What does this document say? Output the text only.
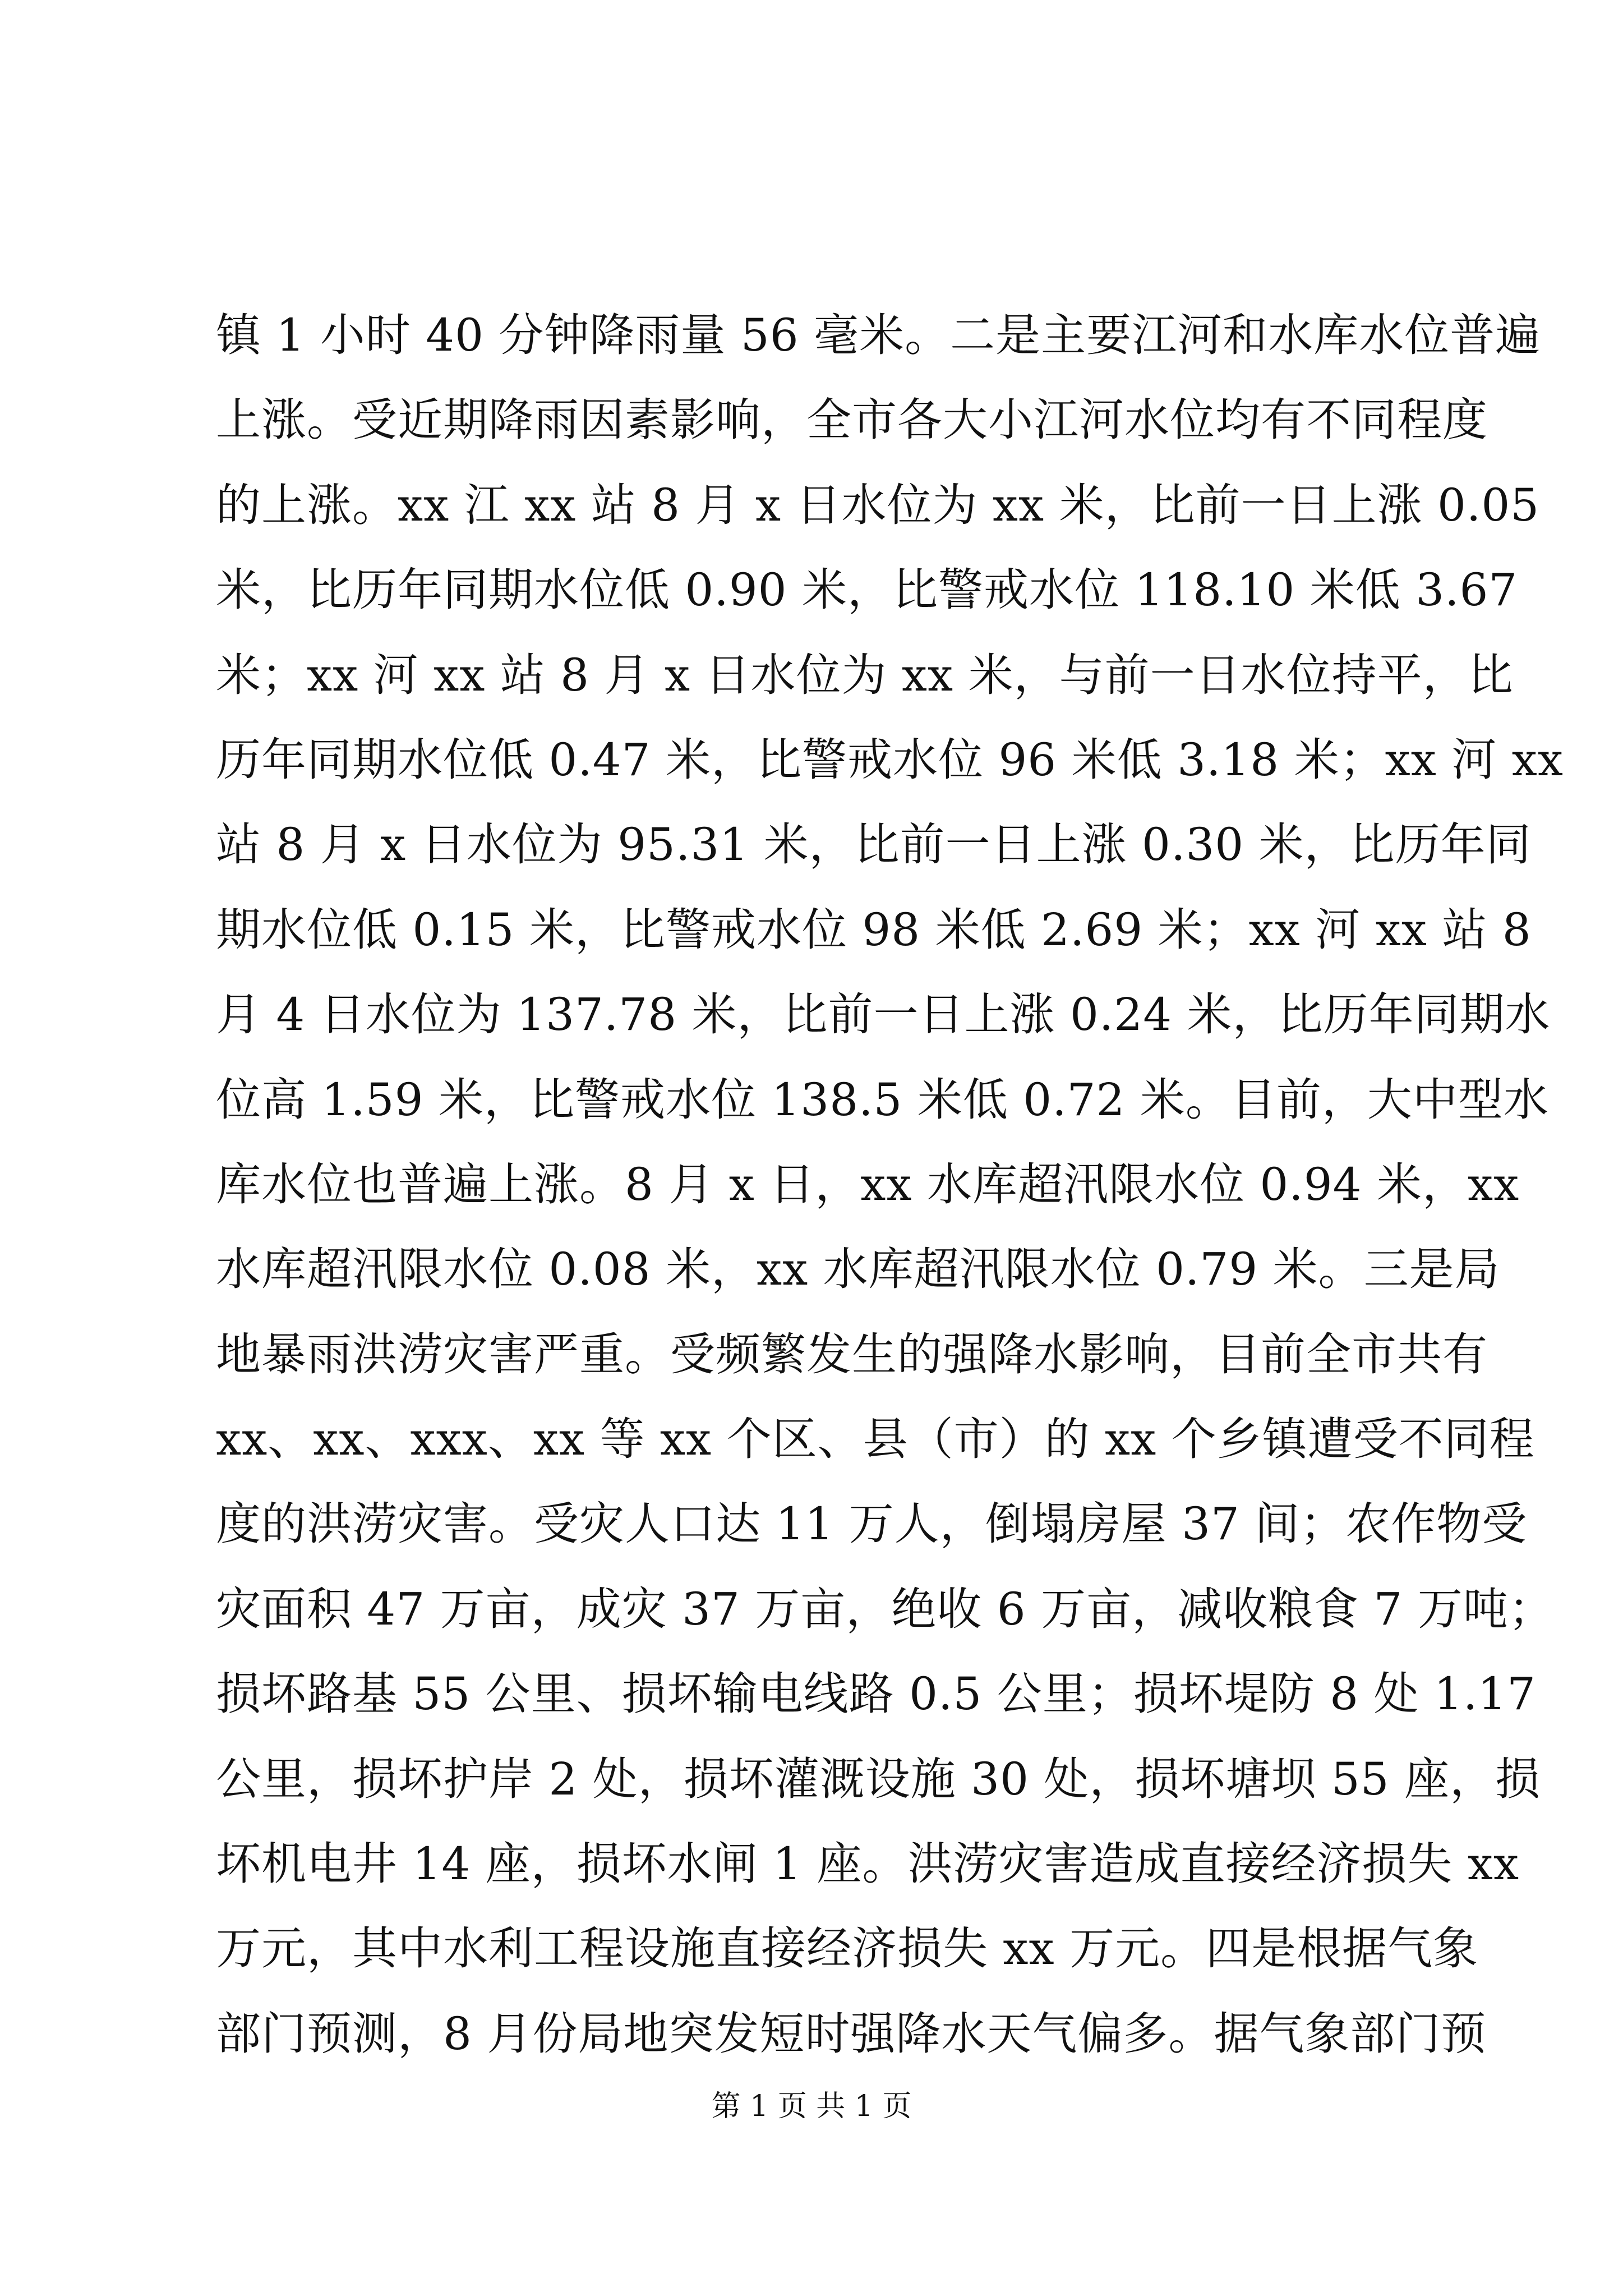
镇 1 小时 40 分钟降雨量 56 毫米。二是主要江河和水库水位普遍
上涨。受近期降雨因素影响，全市各大小江河水位均有不同程度
的上涨。xx 江 xx 站 8 月 x 日水位为 xx 米，比前一日上涨 0.05
米，比历年同期水位低 0.90 米，比警戒水位 118.10 米低 3.67
米；xx 河 xx 站 8 月 x 日水位为 xx 米，与前一日水位持平，比
历年同期水位低 0.47 米，比警戒水位 96 米低 3.18 米；xx 河 xx
站 8 月 x 日水位为 95.31 米，比前一日上涨 0.30 米，比历年同
期水位低 0.15 米，比警戒水位 98 米低 2.69 米；xx 河 xx 站 8
月 4 日水位为 137.78 米，比前一日上涨 0.24 米，比历年同期水
位高 1.59 米，比警戒水位 138.5 米低 0.72 米。目前，大中型水
库水位也普遍上涨。8 月 x 日，xx 水库超汛限水位 0.94 米，xx
水库超汛限水位 0.08 米，xx 水库超汛限水位 0.79 米。三是局
地暴雨洪涝灾害严重。受频繁发生的强降水影响，目前全市共有
xx、xx、xxx、xx 等 xx 个区、县（市）的 xx 个乡镇遭受不同程
度的洪涝灾害。受灾人口达 11 万人，倒塌房屋 37 间；农作物受
灾面积 47 万亩，成灾 37 万亩，绝收 6 万亩，减收粮食 7 万吨；
损坏路基 55 公里、损坏输电线路 0.5 公里；损坏堤防 8 处 1.17
公里，损坏护岸 2 处，损坏灌溉设施 30 处，损坏塘坝 55 座，损
坏机电井 14 座，损坏水闸 1 座。洪涝灾害造成直接经济损失 xx
万元，其中水利工程设施直接经济损失 xx 万元。四是根据气象
部门预测，8 月份局地突发短时强降水天气偏多。据气象部门预
第 1 页 共 1 页
